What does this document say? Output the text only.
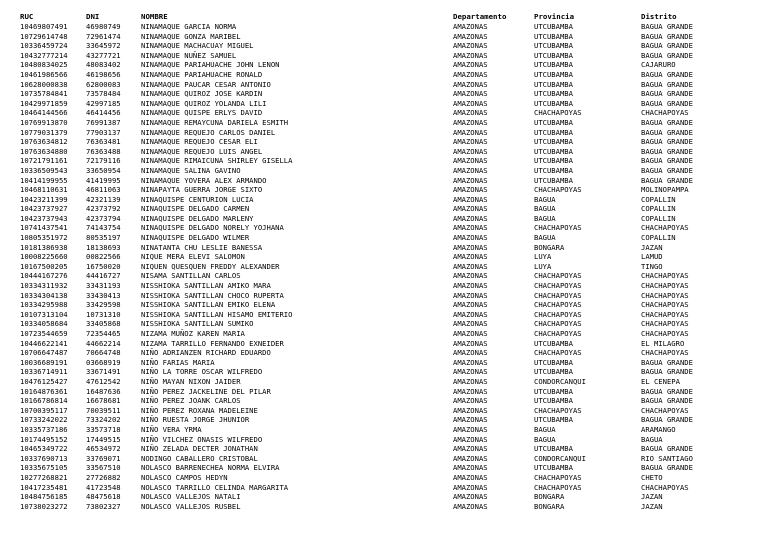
RUC	DNI	NOMBRE	Departamento	Provincia	Distrito
10469807491	46980749	NINAMAQUE GARCIA NORMA	AMAZONAS	UTCUBAMBA	BAGUA GRANDE
10729614748	72961474	NINAMAQUE GONZA MARIBEL	AMAZONAS	UTCUBAMBA	BAGUA GRANDE
10336459724	33645972	NINAMAQUE MACHACUAY MIGUEL	AMAZONAS	UTCUBAMBA	BAGUA GRANDE
10432777214	43277721	NINAMAQUE NUÑEZ SAMUEL	AMAZONAS	UTCUBAMBA	BAGUA GRANDE
10480834025	48083402	NINAMAQUE PARIAHUACHE JOHN LENON	AMAZONAS	UTCUBAMBA	CAJARURO
10461986566	46198656	NINAMAQUE PARIAHUACHE RONALD	AMAZONAS	UTCUBAMBA	BAGUA GRANDE
10628000838	62800083	NINAMAQUE PAUCAR CESAR ANTONIO	AMAZONAS	UTCUBAMBA	BAGUA GRANDE
10735784841	73578484	NINAMAQUE QUIROZ JOSE KARDIN	AMAZONAS	UTCUBAMBA	BAGUA GRANDE
10429971859	42997185	NINAMAQUE QUIROZ YOLANDA LILI	AMAZONAS	UTCUBAMBA	BAGUA GRANDE
10464144566	46414456	NINAMAQUE QUISPE ERLYS DAVID	AMAZONAS	CHACHAPOYAS	CHACHAPOYAS
10769913870	76991387	NINAMAQUE REMAYCUNA DARIELA ESMITH	AMAZONAS	UTCUBAMBA	BAGUA GRANDE
10779031379	77903137	NINAMAQUE REQUEJO CARLOS DANIEL	AMAZONAS	UTCUBAMBA	BAGUA GRANDE
10763634812	76363481	NINAMAQUE REQUEJO CESAR ELI	AMAZONAS	UTCUBAMBA	BAGUA GRANDE
10763634880	76363488	NINAMAQUE REQUEJO LUIS ANGEL	AMAZONAS	UTCUBAMBA	BAGUA GRANDE
10721791161	72179116	NINAMAQUE RIMAICUNA SHIRLEY GISELLA	AMAZONAS	UTCUBAMBA	BAGUA GRANDE
10336509543	33650954	NINAMAQUE SALINA GAVINO	AMAZONAS	UTCUBAMBA	BAGUA GRANDE
10414199955	41419995	NINAMAQUE YOVERA ALEX ARMANDO	AMAZONAS	UTCUBAMBA	BAGUA GRANDE
10468110631	46811063	NINAPAYTA GUERRA JORGE SIXTO	AMAZONAS	CHACHAPOYAS	MOLINOPAMPA
10423211399	42321139	NINAQUISPE CENTURION LUCIA	AMAZONAS	BAGUA	COPALLIN
10423737927	42373792	NINAQUISPE DELGADO CARMEN	AMAZONAS	BAGUA	COPALLIN
10423737943	42373794	NINAQUISPE DELGADO MARLENY	AMAZONAS	BAGUA	COPALLIN
10741437541	74143754	NINAQUISPE DELGADO NORELY YOJHANA	AMAZONAS	CHACHAPOYAS	CHACHAPOYAS
10805351972	80535197	NINAQUISPE DELGADO WILMER	AMAZONAS	BAGUA	COPALLIN
10181386938	18138693	NINATANTA CHU LESLIE BANESSA	AMAZONAS	BONGARA	JAZAN
10008225660	00822566	NIQUE MERA ELEVI SALOMON	AMAZONAS	LUYA	LAMUD
10167500205	16750020	NIQUEN QUESQUEN FREDDY ALEXANDER	AMAZONAS	LUYA	TINGO
10444167276	44416727	NISAMA SANTILLAN CARLOS	AMAZONAS	CHACHAPOYAS	CHACHAPOYAS
10334311932	33431193	NISSHIOKA SANTILLAN AMIKO MARA	AMAZONAS	CHACHAPOYAS	CHACHAPOYAS
10334304138	33430413	NISSHIOKA SANTILLAN CHOCO RUPERTA	AMAZONAS	CHACHAPOYAS	CHACHAPOYAS
10334295988	33429598	NISSHIOKA SANTILLAN EMIKO ELENA	AMAZONAS	CHACHAPOYAS	CHACHAPOYAS
10107313104	10731310	NISSHIOKA SANTILLAN HISAMO EMITERIO	AMAZONAS	CHACHAPOYAS	CHACHAPOYAS
10334058684	33405868	NISSHIOKA SANTILLAN SUMIKO	AMAZONAS	CHACHAPOYAS	CHACHAPOYAS
10723544659	72354465	NIZAMA MUÑOZ KAREN MARIA	AMAZONAS	CHACHAPOYAS	CHACHAPOYAS
10446622141	44662214	NIZAMA TARRILLO FERNANDO EXNEIDER	AMAZONAS	UTCUBAMBA	EL MILAGRO
10706647487	70664748	NIÑO ADRIANZEN RICHARD EDUARDO	AMAZONAS	CHACHAPOYAS	CHACHAPOYAS
10036689191	03668919	NIÑO FARIAS MARIA	AMAZONAS	UTCUBAMBA	BAGUA GRANDE
10336714911	33671491	NIÑO LA TORRE OSCAR WILFREDO	AMAZONAS	UTCUBAMBA	BAGUA GRANDE
10476125427	47612542	NIÑO MAYAN NIXON JAIDER	AMAZONAS	CONDORCANQUI	EL CENEPA
10164876361	16487636	NIÑO PEREZ JACKELINE DEL PILAR	AMAZONAS	UTCUBAMBA	BAGUA GRANDE
10166786814	16678681	NIÑO PEREZ JOANK CARLOS	AMAZONAS	UTCUBAMBA	BAGUA GRANDE
10700395117	70039511	NIÑO PEREZ ROXANA MADELEINE	AMAZONAS	CHACHAPOYAS	CHACHAPOYAS
10733242022	73324202	NIÑO RUESTA JORGE JHUNIOR	AMAZONAS	UTCUBAMBA	BAGUA GRANDE
10335737186	33573718	NIÑO VERA YRMA	AMAZONAS	BAGUA	ARAMANGO
10174495152	17449515	NIÑO VILCHEZ ONASIS WILFREDO	AMAZONAS	BAGUA	BAGUA
10465349722	46534972	NIÑO ZELADA DECTER JONATHAN	AMAZONAS	UTCUBAMBA	BAGUA GRANDE
10337690713	33769071	NODINGO CABALLERO CRISTOBAL	AMAZONAS	CONDORCANQUI	RIO SANTIAGO
10335675105	33567510	NOLASCO BARRENECHEA NORMA ELVIRA	AMAZONAS	UTCUBAMBA	BAGUA GRANDE
10277268821	27726882	NOLASCO CAMPOS HEDYN	AMAZONAS	CHACHAPOYAS	CHETO
10417235481	41723548	NOLASCO TARRILLO CELINDA MARGARITA	AMAZONAS	CHACHAPOYAS	CHACHAPOYAS
10484756185	48475618	NOLASCO VALLEJOS NATALI	AMAZONAS	BONGARA	JAZAN
10738023272	73802327	NOLASCO VALLEJOS RUSBEL	AMAZONAS	BONGARA	JAZAN
